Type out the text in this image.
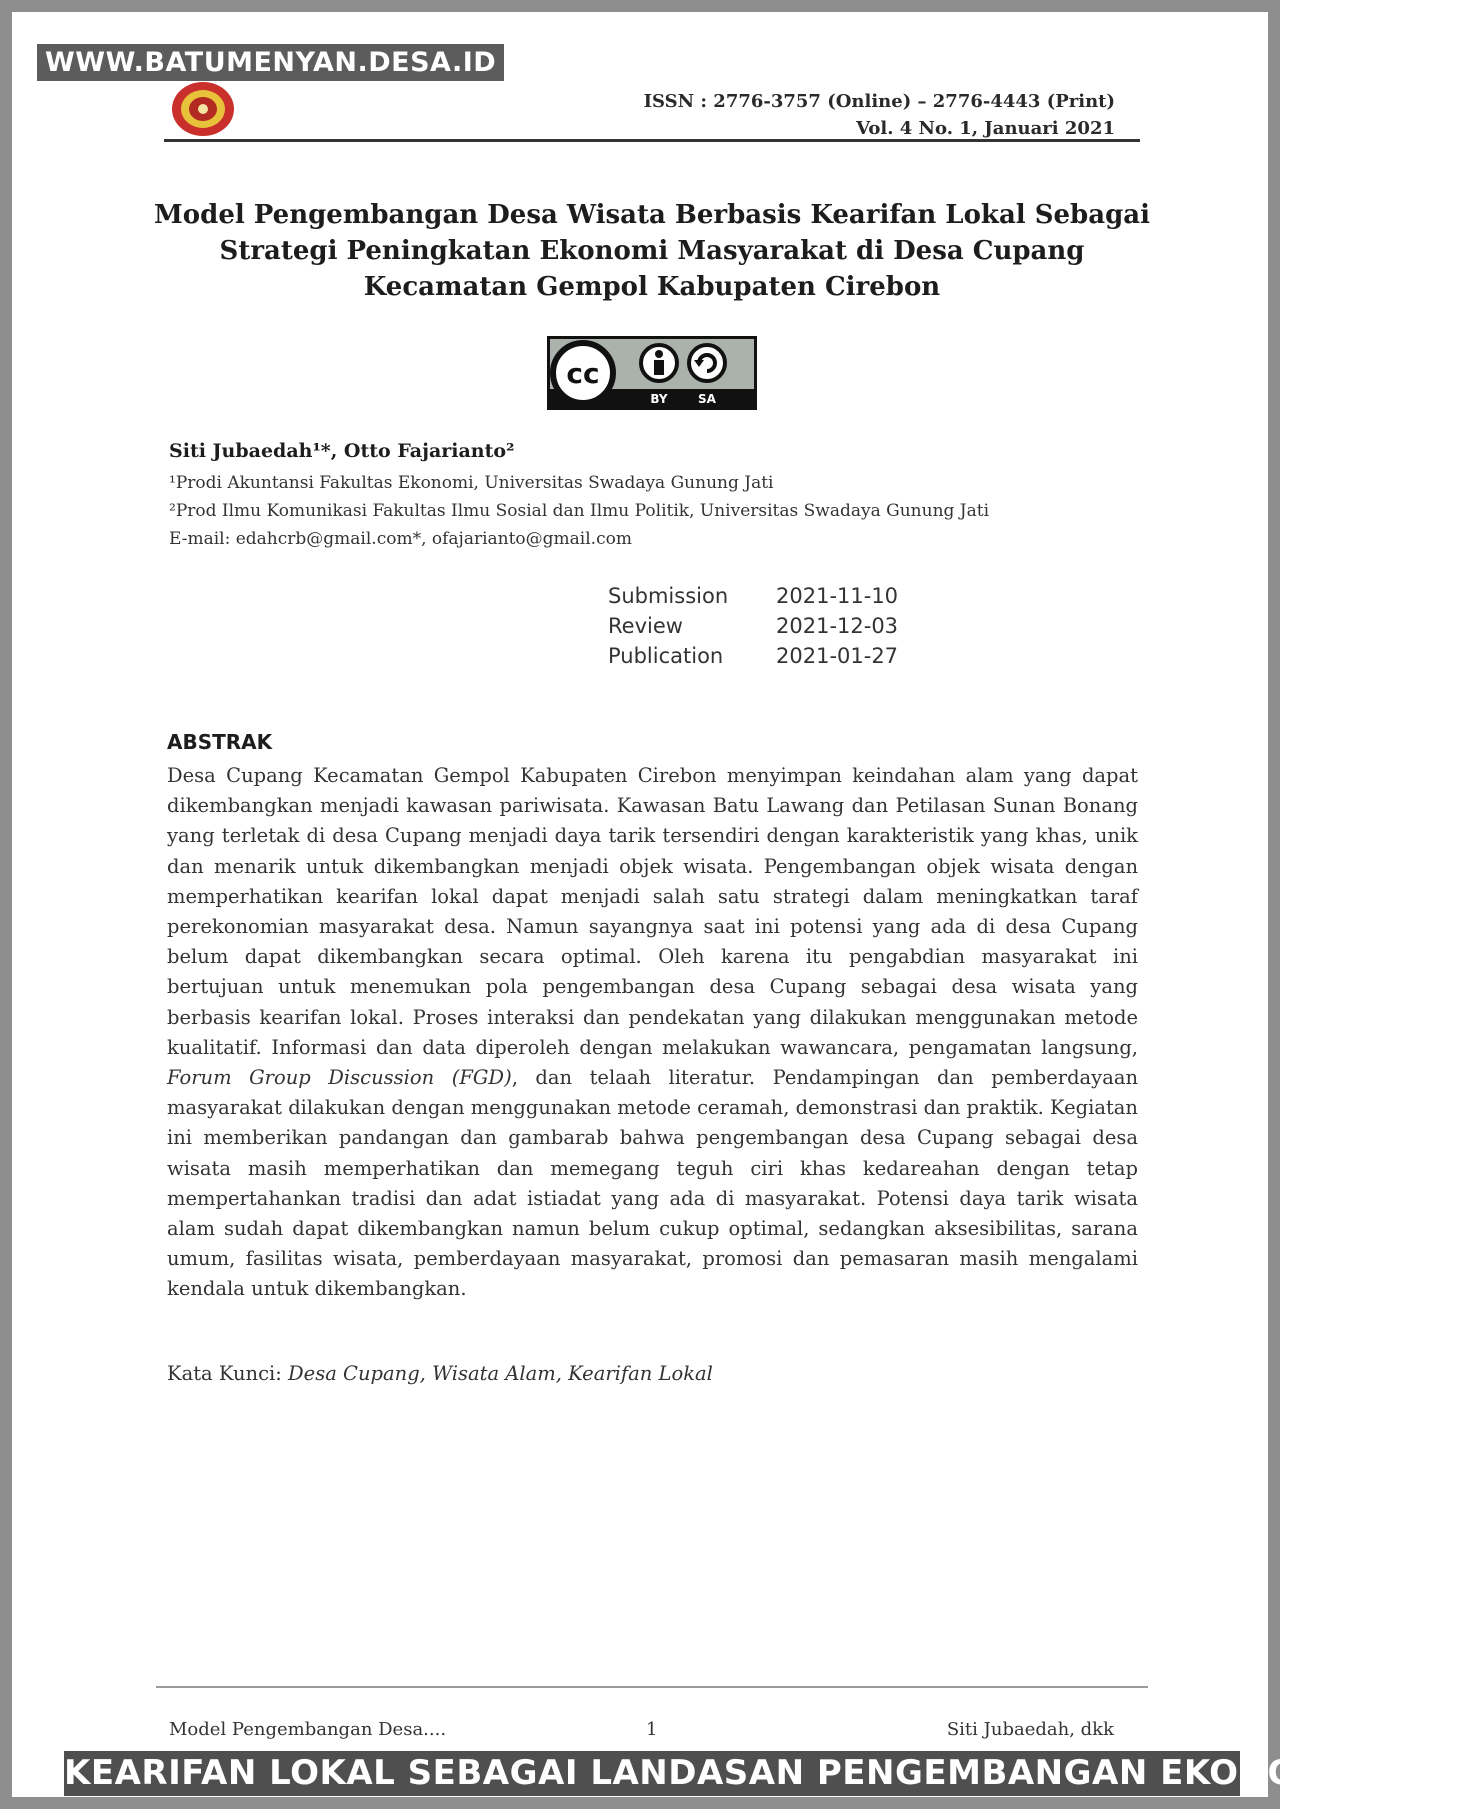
WWW.BATUMENYAN.DESA.ID
ISSN : 2776-3757 (Online) – 2776-4443 (Print)
Vol. 4 No. 1, Januari 2021
Model Pengembangan Desa Wisata Berbasis Kearifan Lokal Sebagai Strategi Peningkatan Ekonomi Masyarakat di Desa Cupang Kecamatan Gempol Kabupaten Cirebon
cc
BY	SA
Siti Jubaedah¹*, Otto Fajarianto²
¹Prodi Akuntansi Fakultas Ekonomi, Universitas Swadaya Gunung Jati
²Prod Ilmu Komunikasi Fakultas Ilmu Sosial dan Ilmu Politik, Universitas Swadaya Gunung Jati
E-mail: edahcrb@gmail.com*, ofajarianto@gmail.com
Submission	2021-11-10
Review	2021-12-03
Publication	2021-01-27
ABSTRAK
Desa Cupang Kecamatan Gempol Kabupaten Cirebon menyimpan keindahan alam yang dapat dikembangkan menjadi kawasan pariwisata. Kawasan Batu Lawang dan Petilasan Sunan Bonang yang terletak di desa Cupang menjadi daya tarik tersendiri dengan karakteristik yang khas, unik dan menarik untuk dikembangkan menjadi objek wisata. Pengembangan objek wisata dengan memperhatikan kearifan lokal dapat menjadi salah satu strategi dalam meningkatkan taraf perekonomian masyarakat desa. Namun sayangnya saat ini potensi yang ada di desa Cupang belum dapat dikembangkan secara optimal. Oleh karena itu pengabdian masyarakat ini bertujuan untuk menemukan pola pengembangan desa Cupang sebagai desa wisata yang berbasis kearifan lokal. Proses interaksi dan pendekatan yang dilakukan menggunakan metode kualitatif. Informasi dan data diperoleh dengan melakukan wawancara, pengamatan langsung, Forum Group Discussion (FGD), dan telaah literatur. Pendampingan dan pemberdayaan masyarakat dilakukan dengan menggunakan metode ceramah, demonstrasi dan praktik. Kegiatan ini memberikan pandangan dan gambarab bahwa pengembangan desa Cupang sebagai desa wisata masih memperhatikan dan memegang teguh ciri khas kedareahan dengan tetap mempertahankan tradisi dan adat istiadat yang ada di masyarakat. Potensi daya tarik wisata alam sudah dapat dikembangkan namun belum cukup optimal, sedangkan aksesibilitas, sarana umum, fasilitas wisata, pemberdayaan masyarakat, promosi dan pemasaran masih mengalami kendala untuk dikembangkan.
Kata Kunci: Desa Cupang, Wisata Alam, Kearifan Lokal
Model Pengembangan Desa....	1	Siti Jubaedah, dkk
KEARIFAN LOKAL SEBAGAI LANDASAN PENGEMBANGAN EKONOMI DESA
